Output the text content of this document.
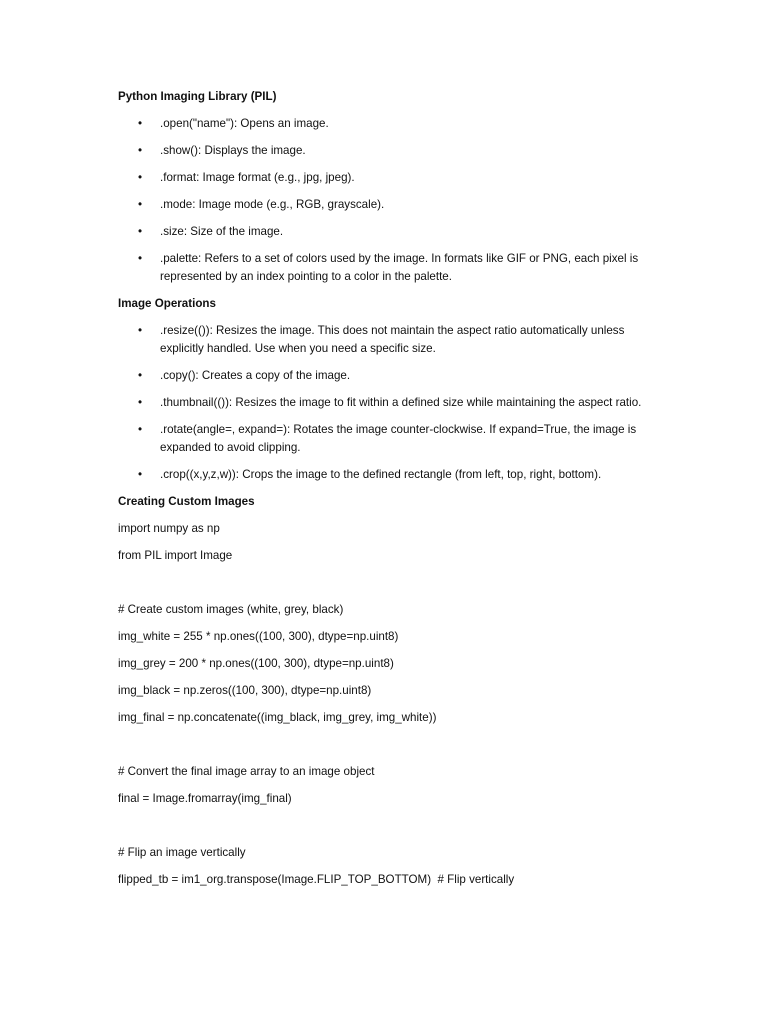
Python Imaging Library (PIL)
• .open("name"): Opens an image.
• .show(): Displays the image.
• .format: Image format (e.g., jpg, jpeg).
• .mode: Image mode (e.g., RGB, grayscale).
• .size: Size of the image.
• .palette: Refers to a set of colors used by the image. In formats like GIF or PNG, each pixel is represented by an index pointing to a color in the palette.
Image Operations
• .resize(()): Resizes the image. This does not maintain the aspect ratio automatically unless explicitly handled. Use when you need a specific size.
• .copy(): Creates a copy of the image.
• .thumbnail(()): Resizes the image to fit within a defined size while maintaining the aspect ratio.
• .rotate(angle=, expand=): Rotates the image counter-clockwise. If expand=True, the image is expanded to avoid clipping.
• .crop((x,y,z,w)): Crops the image to the defined rectangle (from left, top, right, bottom).
Creating Custom Images
import numpy as np
from PIL import Image
# Create custom images (white, grey, black)
img_white = 255 * np.ones((100, 300), dtype=np.uint8)
img_grey = 200 * np.ones((100, 300), dtype=np.uint8)
img_black = np.zeros((100, 300), dtype=np.uint8)
img_final = np.concatenate((img_black, img_grey, img_white))
# Convert the final image array to an image object
final = Image.fromarray(img_final)
# Flip an image vertically
flipped_tb = im1_org.transpose(Image.FLIP_TOP_BOTTOM)  # Flip vertically
